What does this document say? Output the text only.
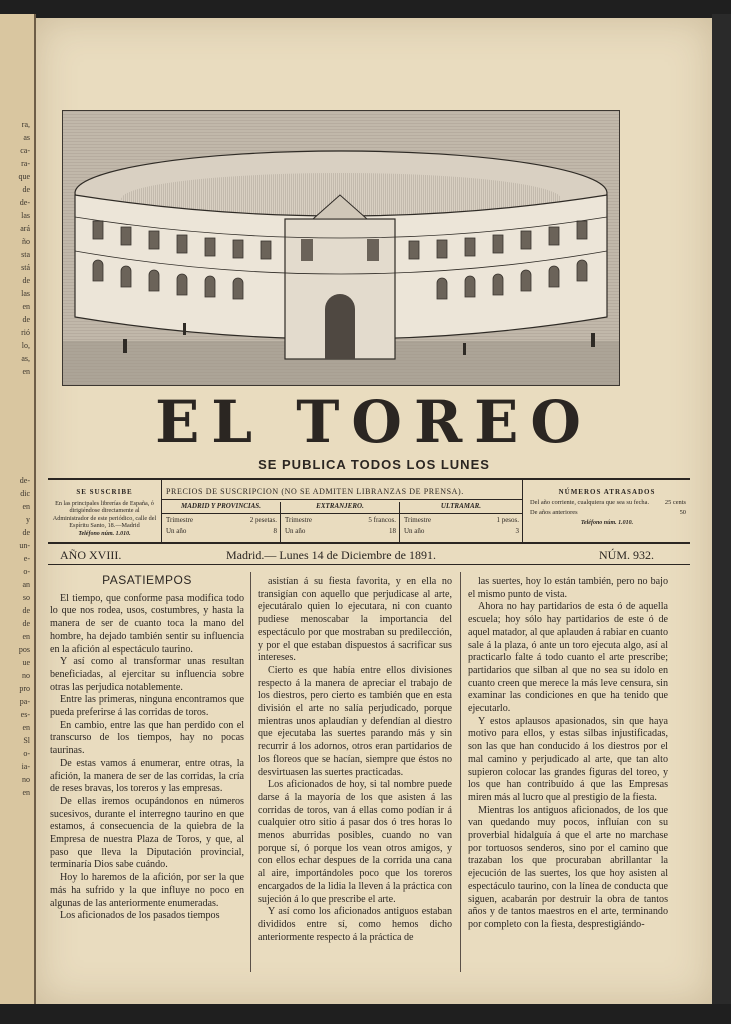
ra,
as
ca-
ra-
que
de
de-
las
ará
ño
sta
stá
de
las
en
de
rió
lo,
as,
en
de-
dic
en
y
de
un-
e-
o-
an
so
de
de
en
pos
ue
no
pro
pa-
es-
en
Sl
o-
ia-
no
en
EL TOREO
SE PUBLICA TODOS LOS LUNES
SE SUSCRIBE
En las principales librerías de España, ó dirigiéndose directamente al Administrador de este periódico, calle del Espíritu Santo, 18.—Madrid
Teléfono núm. 1.010.
PRECIOS DE SUSCRIPCION (NO SE ADMITEN LIBRANZAS DE PRENSA).
MADRID Y PROVINCIAS.
Trimestre	2 pesetas.
Un año	8
EXTRANJERO.
Trimestre	5 francos.
Un año	18
ULTRAMAR.
Trimestre	1 pesos.
Un año	3
NÚMEROS ATRASADOS
Del año corriente, cualquiera que sea su fecha. 25 cents
De años anteriores	50
Teléfono núm. 1.010.
AÑO XVIII.	Madrid.— Lunes 14 de Diciembre de 1891.	NÚM. 932.

PASATIEMPOS

El tiempo, que conforme pasa modifica todo lo que nos rodea, usos, costumbres, y hasta la manera de ser de cuanto toca la mano del hombre, ha dejado también sentir su influencia en la afición al espectáculo taurino.

Y así como al transformar unas resultan beneficiadas, al ejercitar su influencia sobre otras las perjudica notablemente.

Entre las primeras, ninguna encontramos que pueda preferirse á las corridas de toros.

En cambio, entre las que han perdido con el transcurso de los tiempos, hay no pocas taurinas.

De estas vamos á enumerar, entre otras, la afición, la manera de ser de las corridas, la cría de reses bravas, los toreros y las empresas.

De ellas iremos ocupándonos en números sucesivos, durante el interregno taurino en que estamos, á consecuencia de la quiebra de la Empresa de nuestra Plaza de Toros, y que, al paso que lleva la Diputación provincial, terminaría Dios sabe cuándo.

Hoy lo haremos de la afición, por ser la que más ha sufrido y la que influye no poco en algunas de las anteriormente enumeradas.

Los aficionados de los pasados tiempos

asistían á su fiesta favorita, y en ella no transigían con aquello que perjudicase al arte, ejecutáralo quien lo ejecutara, ni con cuanto pudiese menoscabar la importancia del espectáculo por que mostraban su predilección, y por el que estaban dispuestos á sacrificar sus intereses.

Cierto es que había entre ellos divisiones respecto á la manera de apreciar el trabajo de los diestros, pero cierto es también que en esta división el arte no salía perjudicado, porque mientras unos aplaudían y defendían al diestro que ejecutaba las suertes parando más y sin recurrir á los adornos, otros eran partidarios de los floreos que se hacían, siempre que éstos no desvirtuasen las suertes practicadas.

Los aficionados de hoy, si tal nombre puede darse á la mayoría de los que asisten á las corridas de toros, van á ellas como podían ir á cualquier otro sitio á pasar dos ó tres horas lo menos aburridas posibles, cuando no van porque sí, ó porque los vean otros amigos, y con ellos echar despues de la corrida una cana al aire, importándoles poco que los toreros encargados de la lidia la lleven á la práctica con sujeción á lo que prescribe el arte.

Y así como los aficionados antiguos estaban divididos entre sí, como hemos dicho anteriormente respecto á la práctica de

las suertes, hoy lo están también, pero no bajo el mismo punto de vista.

Ahora no hay partidarios de esta ó de aquella escuela; hoy sólo hay partidarios de este ó de aquel matador, al que aplauden á rabiar en cuanto sale á la plaza, ó ante un toro ejecuta algo, así al practicarlo falte á todo cuanto el arte prescribe; partidarios que silban al que no sea su ídolo en cuanto creen que merece la más leve censura, sin examinar las condiciones en que ha tenido que ejecutarlo.

Y estos aplausos apasionados, sin que haya motivo para ellos, y estas silbas injustificadas, son las que han conducido á los diestros por el mal camino y perjudicado al arte, que tan alto supieron colocar las grandes figuras del toreo, y los que han contribuído á que las Empresas miren más al lucro que al prestigio de la fiesta.

Mientras los antiguos aficionados, de los que van quedando muy pocos, influían con su proverbial hidalguía á que el arte no marchase por tortuosos senderos, sino por el camino que trazaban los que procuraban abrillantar la ejecución de las suertes, los que hoy asisten al espectáculo taurino, con la línea de conducta que siguen, acabarán por destruir la obra de tantos años y de tantos maestros en el arte, terminando por completo con la fiesta, desprestigiándo-
